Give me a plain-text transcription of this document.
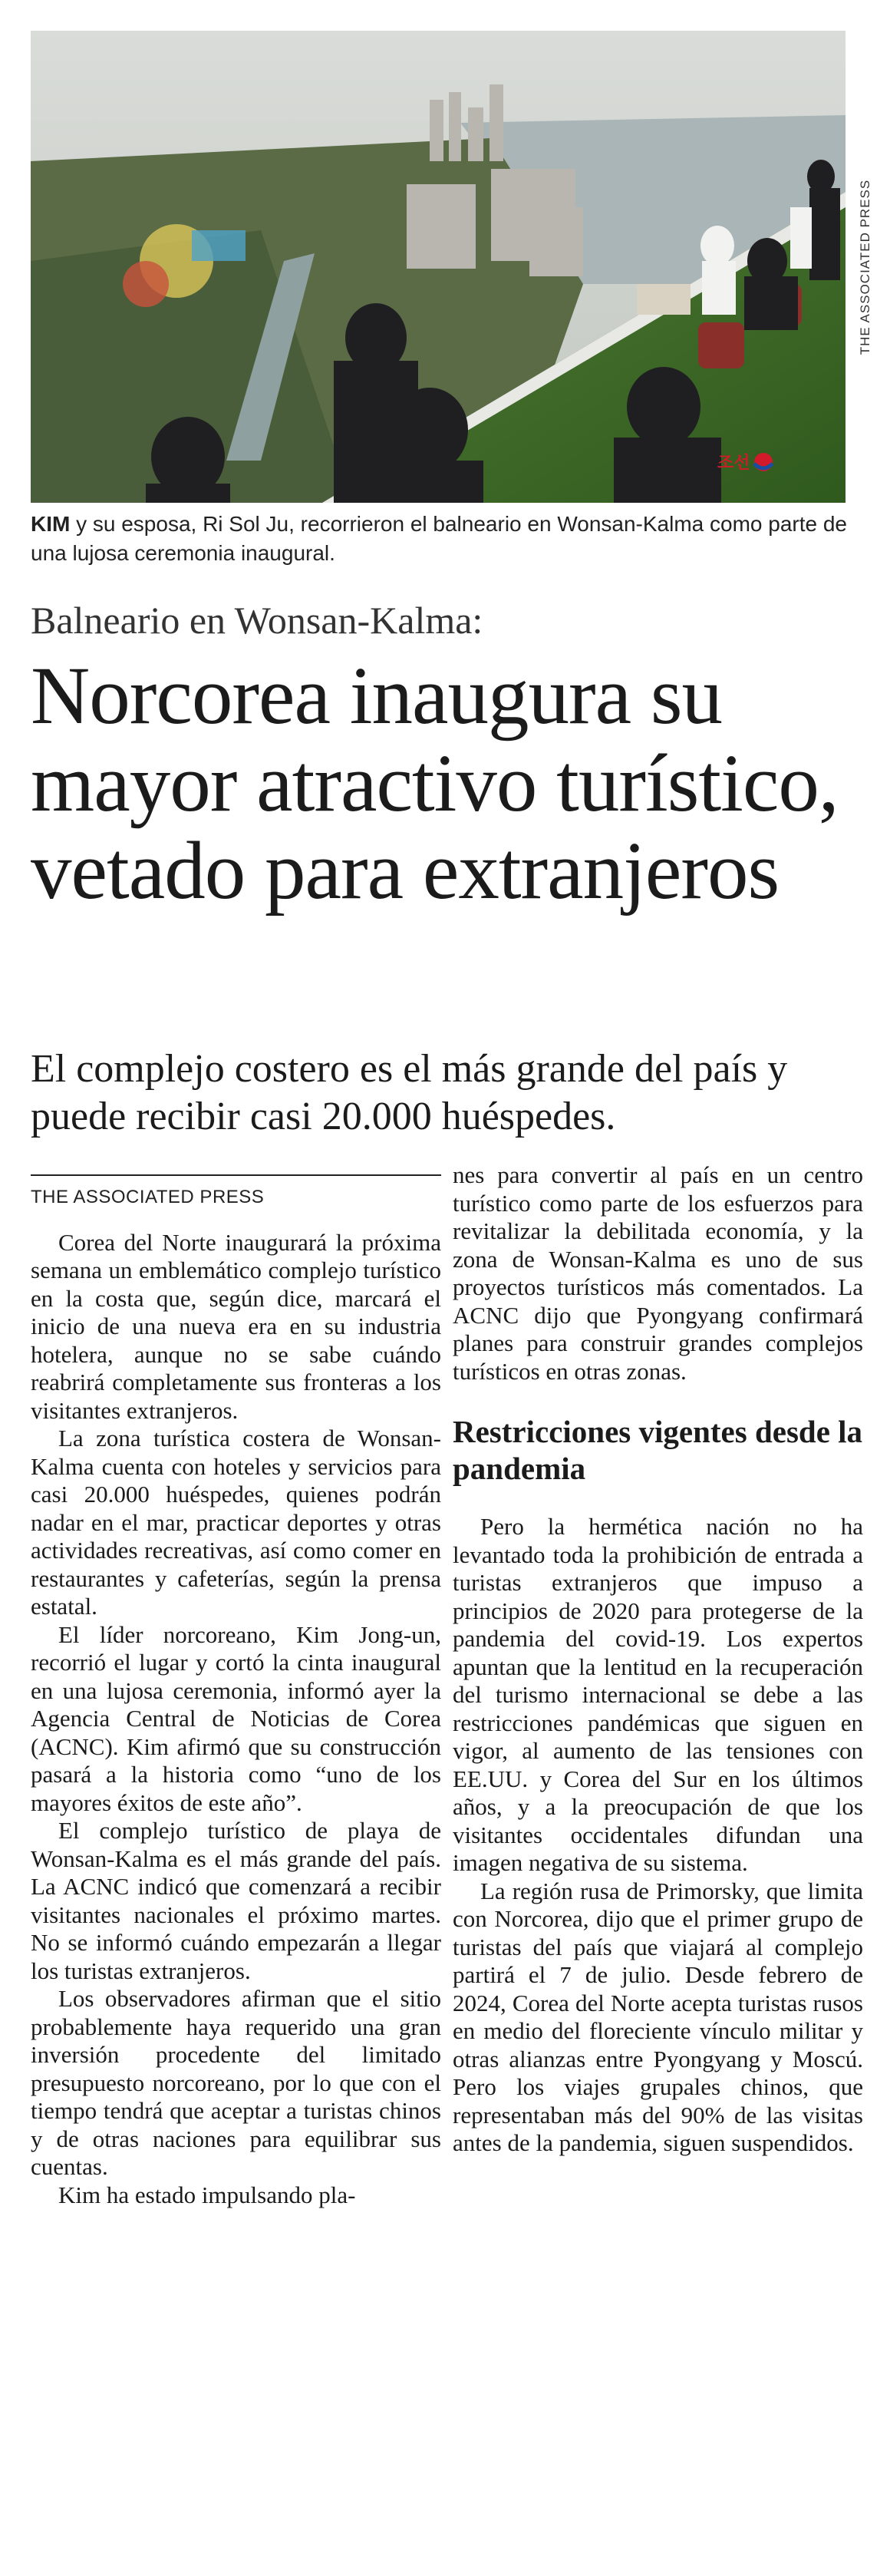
조선
THE ASSOCIATED PRESS
KIM y su esposa, Ri Sol Ju, recorrieron el balneario en Wonsan-Kalma como parte de una lujosa ceremonia inaugural.
Balneario en Wonsan-Kalma:
Norcorea inaugura su mayor atractivo turístico, vetado para extranjeros
El complejo costero es el más grande del país y puede recibir casi 20.000 huéspedes.
THE ASSOCIATED PRESS

Corea del Norte inaugurará la próxima semana un emblemático complejo turístico en la costa que, según dice, marcará el inicio de una nueva era en su industria hotelera, aunque no se sabe cuándo reabrirá completamente sus fronteras a los visitantes extranjeros.

La zona turística costera de Wonsan-Kalma cuenta con hoteles y servicios para casi 20.000 huéspedes, quienes podrán nadar en el mar, practicar deportes y otras actividades recreativas, así como comer en restaurantes y cafeterías, según la prensa estatal.

El líder norcoreano, Kim Jong-un, recorrió el lugar y cortó la cinta inaugural en una lujosa ceremonia, informó ayer la Agencia Central de Noticias de Corea (ACNC). Kim afirmó que su construcción pasará a la historia como “uno de los mayores éxitos de este año”.

El complejo turístico de playa de Wonsan-Kalma es el más grande del país. La ACNC indicó que comenzará a recibir visitantes nacionales el próximo martes. No se informó cuándo empezarán a llegar los turistas extranjeros.

Los observadores afirman que el sitio probablemente haya requerido una gran inversión procedente del limitado presupuesto norcoreano, por lo que con el tiempo tendrá que aceptar a turistas chinos y de otras naciones para equilibrar sus cuentas.

Kim ha estado impulsando pla-

nes para convertir al país en un centro turístico como parte de los esfuerzos para revitalizar la debilitada economía, y la zona de Wonsan-Kalma es uno de sus proyectos turísticos más comentados. La ACNC dijo que Pyongyang confirmará planes para construir grandes complejos turísticos en otras zonas.

Restricciones vigentes desde la pandemia

Pero la hermética nación no ha levantado toda la prohibición de entrada a turistas extranjeros que impuso a principios de 2020 para protegerse de la pandemia del covid-19. Los expertos apuntan que la lentitud en la recuperación del turismo internacional se debe a las restricciones pandémicas que siguen en vigor, al aumento de las tensiones con EE.UU. y Corea del Sur en los últimos años, y a la preocupación de que los visitantes occidentales difundan una imagen negativa de su sistema.

La región rusa de Primorsky, que limita con Norcorea, dijo que el primer grupo de turistas del país que viajará al complejo partirá el 7 de julio. Desde febrero de 2024, Corea del Norte acepta turistas rusos en medio del floreciente vínculo militar y otras alianzas entre Pyongyang y Moscú. Pero los viajes grupales chinos, que representaban más del 90% de las visitas antes de la pandemia, siguen suspendidos.
